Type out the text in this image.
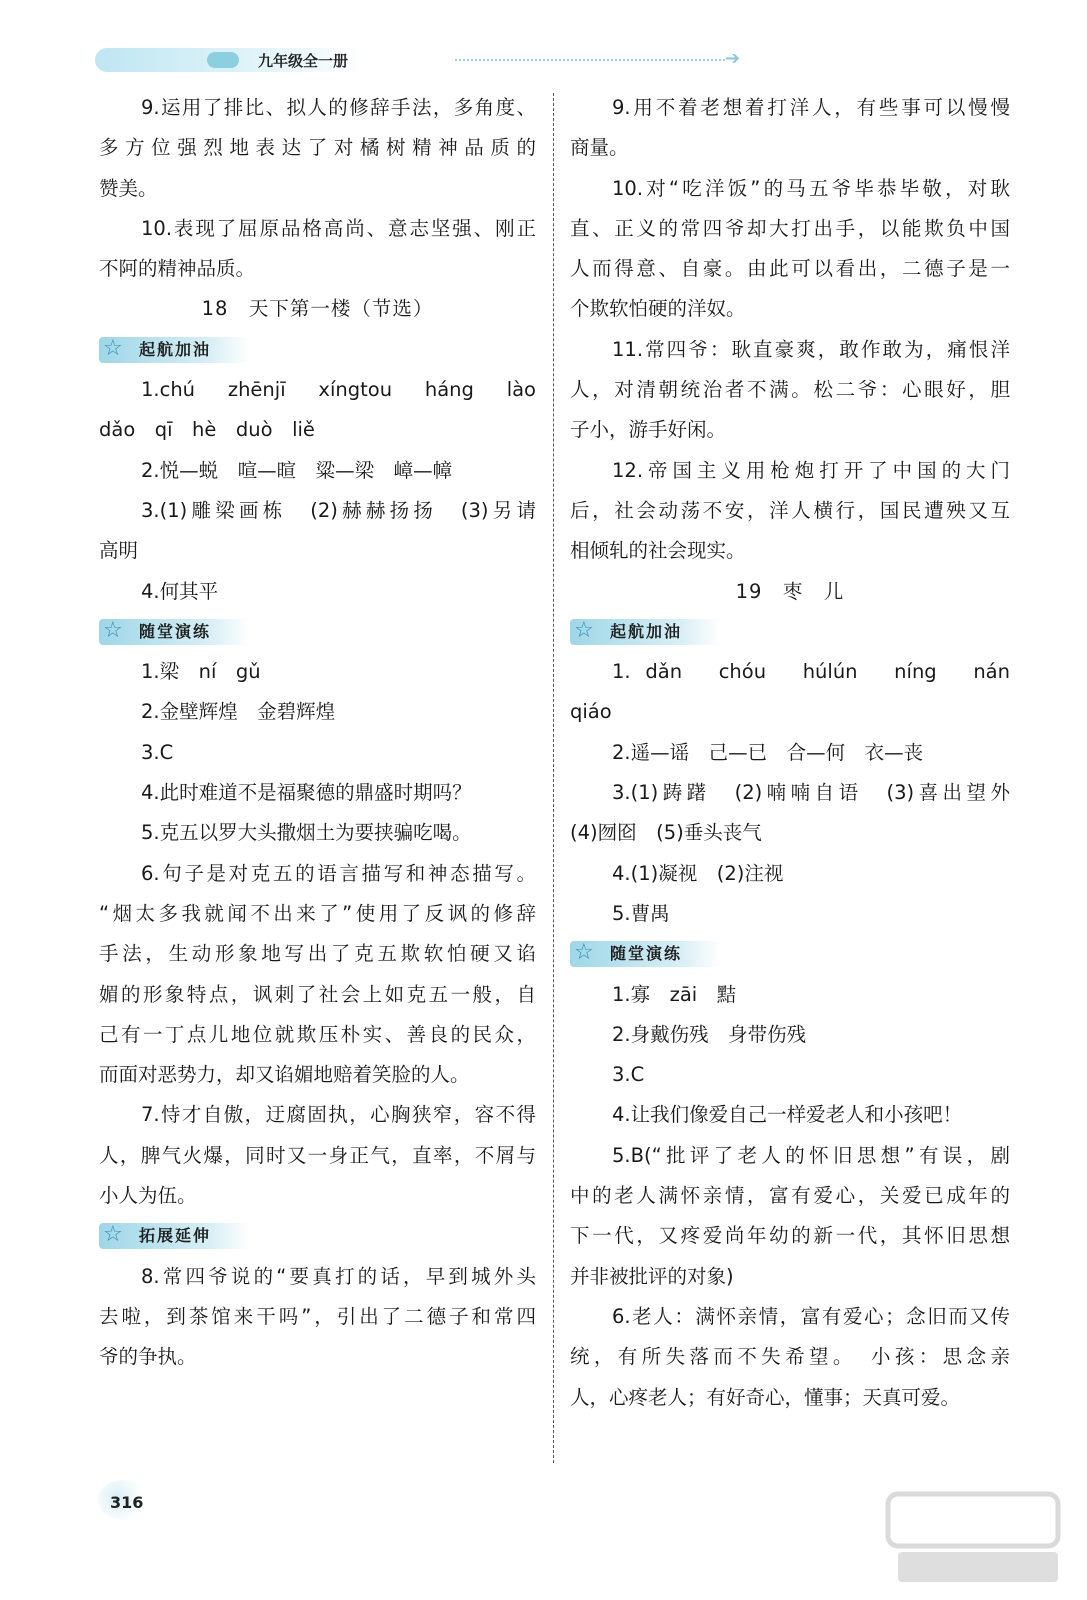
九年级全一册	➔
9.运用了排比、拟人的修辞手法，多角度、
多方位强烈地表达了对橘树精神品质的
赞美。
10.表现了屈原品格高尚、意志坚强、刚正
不阿的精神品质。
18　天下第一楼（节选）
☆ 起航加油
1.chú　zhēnjī　xíngtou　háng　lào
dǎo　qī　hè　duò　liě
2.悦—蜕　喧—暄　粱—梁　嶂—幛
3.(1)雕梁画栋　(2)赫赫扬扬　(3)另请
高明
4.何其平
☆ 随堂演练
1.梁　ní　gǔ
2.金壁辉煌　金碧辉煌
3.C
4.此时难道不是福聚德的鼎盛时期吗？
5.克五以罗大头撒烟土为要挟骗吃喝。
6.句子是对克五的语言描写和神态描写。
“烟太多我就闻不出来了”使用了反讽的修辞
手法，生动形象地写出了克五欺软怕硬又谄
媚的形象特点，讽刺了社会上如克五一般，自
己有一丁点儿地位就欺压朴实、善良的民众，
而面对恶势力，却又谄媚地赔着笑脸的人。
7.恃才自傲，迂腐固执，心胸狭窄，容不得
人，脾气火爆，同时又一身正气，直率，不屑与
小人为伍。
☆ 拓展延伸
8.常四爷说的“要真打的话，早到城外头
去啦，到茶馆来干吗”，引出了二德子和常四
爷的争执。
9.用不着老想着打洋人，有些事可以慢慢
商量。
10.对“吃洋饭”的马五爷毕恭毕敬，对耿
直、正义的常四爷却大打出手，以能欺负中国
人而得意、自豪。由此可以看出，二德子是一
个欺软怕硬的洋奴。
11.常四爷：耿直豪爽，敢作敢为，痛恨洋
人，对清朝统治者不满。松二爷：心眼好，胆
子小，游手好闲。
12.帝国主义用枪炮打开了中国的大门
后，社会动荡不安，洋人横行，国民遭殃又互
相倾轧的社会现实。
19　枣　儿
☆ 起航加油
1. dǎn　chóu　húlún　níng　nán
qiáo
2.遥—谣　己—已　合—何　衣—丧
3.(1)踌躇　(2)喃喃自语　(3)喜出望外
(4)囫囵　(5)垂头丧气
4.(1)凝视　(2)注视
5.曹禺
☆ 随堂演练
1.寡　zāi　黠
2.身戴伤残　身带伤残
3.C
4.让我们像爱自己一样爱老人和小孩吧！
5.B(“批评了老人的怀旧思想”有误，剧
中的老人满怀亲情，富有爱心，关爱已成年的
下一代，又疼爱尚年幼的新一代，其怀旧思想
并非被批评的对象)
6.老人：满怀亲情，富有爱心；念旧而又传
统，有所失落而不失希望。　小孩：思念亲
人，心疼老人；有好奇心，懂事；天真可爱。
316
